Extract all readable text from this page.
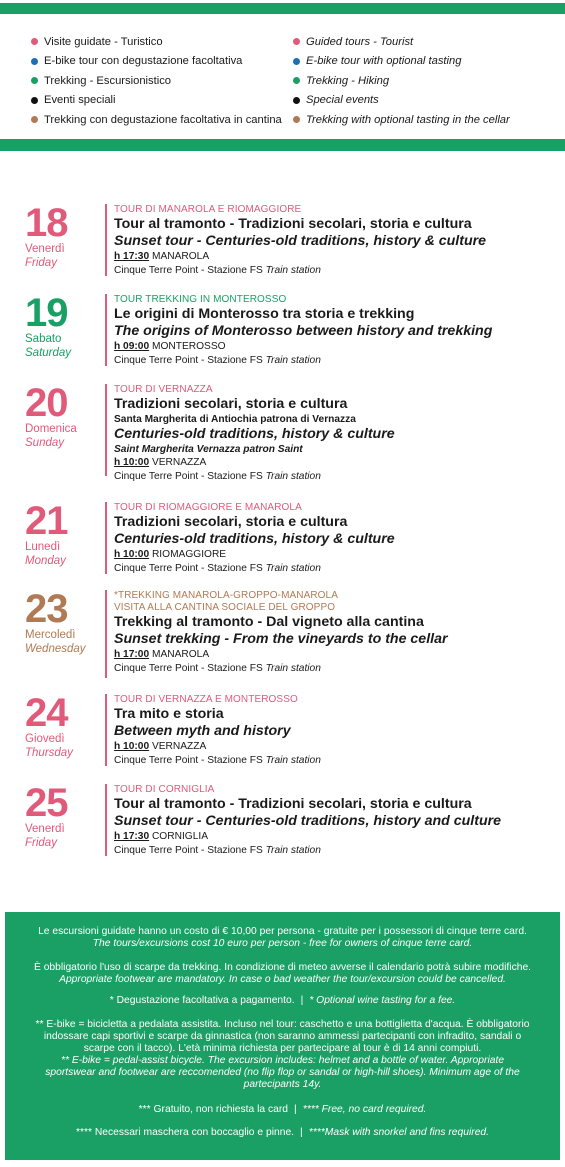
Visite guidate - Turistico
E-bike tour con degustazione facoltativa
Trekking - Escursionistico
Eventi speciali
Trekking con degustazione facoltativa in cantina
Guided tours - Tourist
E-bike tour with optional tasting
Trekking - Hiking
Special events
Trekking with optional tasting in the cellar
18
Venerdì
Friday
TOUR DI MANAROLA E RIOMAGGIORE
Tour al tramonto - Tradizioni secolari, storia e cultura
Sunset tour - Centuries-old traditions, history & culture
h 17:30 MANAROLA
Cinque Terre Point - Stazione FS Train station
19
Sabato
Saturday
TOUR TREKKING IN MONTEROSSO
Le origini di Monterosso tra storia e trekking
The origins of Monterosso between history and trekking
h 09:00 MONTEROSSO
Cinque Terre Point - Stazione FS Train station
20
Domenica
Sunday
TOUR DI VERNAZZA
Tradizioni secolari, storia e cultura
Santa Margherita di Antiochia patrona di Vernazza
Centuries-old traditions, history & culture
Saint Margherita Vernazza patron Saint
h 10:00 VERNAZZA
Cinque Terre Point - Stazione FS Train station
21
Lunedì
Monday
TOUR DI RIOMAGGIORE E MANAROLA
Tradizioni secolari, storia e cultura
Centuries-old traditions, history & culture
h 10:00 RIOMAGGIORE
Cinque Terre Point - Stazione FS Train station
23
Mercoledì
Wednesday
*TREKKING MANAROLA-GROPPO-MANAROLA
VISITA ALLA CANTINA SOCIALE DEL GROPPO
Trekking al tramonto - Dal vigneto alla cantina
Sunset trekking - From the vineyards to the cellar
h 17:00 MANAROLA
Cinque Terre Point - Stazione FS Train station
24
Giovedì
Thursday
TOUR DI VERNAZZA E MONTEROSSO
Tra mito e storia
Between myth and history
h 10:00 VERNAZZA
Cinque Terre Point - Stazione FS Train station
25
Venerdì
Friday
TOUR DI CORNIGLIA
Tour al tramonto - Tradizioni secolari, storia e cultura
Sunset tour - Centuries-old traditions, history and culture
h 17:30 CORNIGLIA
Cinque Terre Point - Stazione FS Train station
Le escursioni guidate hanno un costo di € 10,00 per persona - gratuite per i possessori di cinque terre card.
The tours/excursions cost 10 euro per person - free for owners of cinque terre card.
È obbligatorio l'uso di scarpe da trekking. In condizione di meteo avverse il calendario potrà subire modifiche.
Appropriate footwear are mandatory. In case o bad weather the tour/excursion could be cancelled.
* Degustazione facoltativa a pagamento. | * Optional wine tasting for a fee.
** E-bike = bicicletta a pedalata assistita. Incluso nel tour: caschetto e una bottiglietta d'acqua. È obbligatorio
indossare capi sportivi e scarpe da ginnastica (non saranno ammessi partecipanti con infradito, sandali o
scarpe con il tacco). L'età minima richiesta per partecipare al tour è di 14 anni compiuti.
** E-bike = pedal-assist bicycle. The excursion includes: helmet and a bottle of water. Appropriate
sportswear and footwear are reccomended (no flip flop or sandal or high-hill shoes). Minimum age of the
partecipants 14y.
*** Gratuito, non richiesta la card | **** Free, no card required.
**** Necessari maschera con boccaglio e pinne. | ****Mask with snorkel and fins required.
